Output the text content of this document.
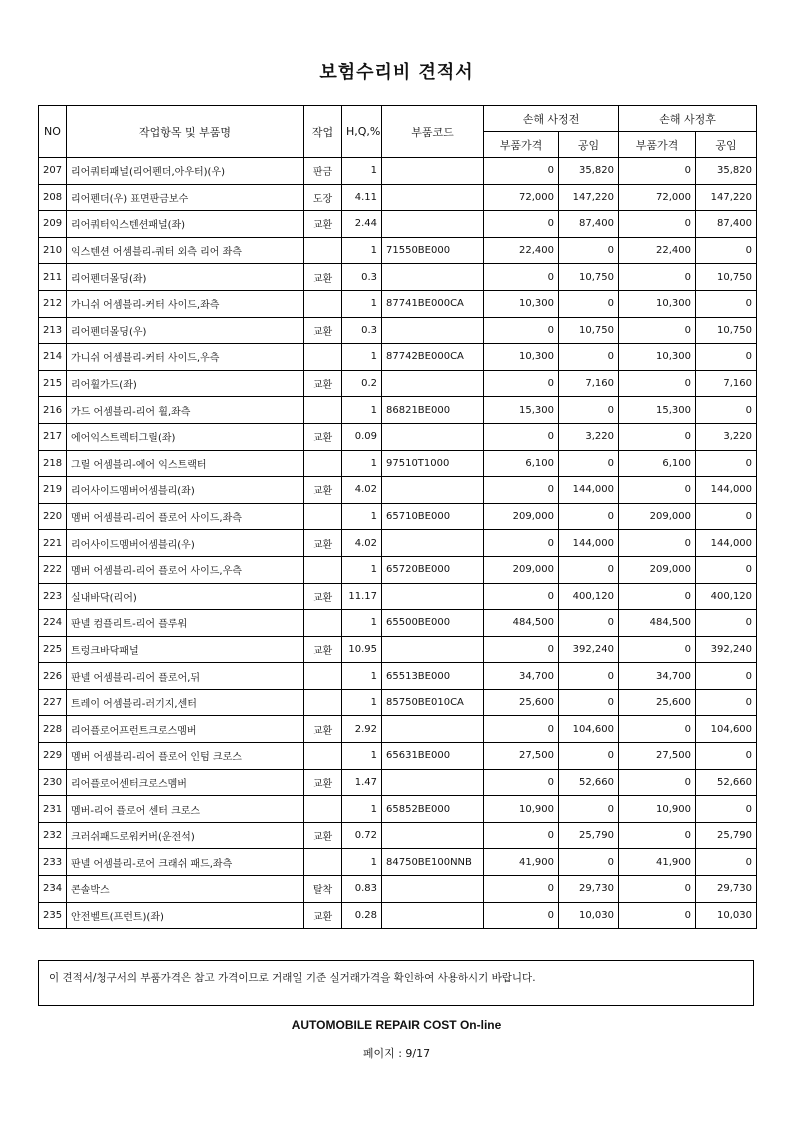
보험수리비 견적서
NO	작업항목 및 부품명	작업	H,Q,%	부품코드	손해 사정전		손해 사정후	
					부품가격	공임	부품가격	공임
207	리어쿼터패널(리어펜더,아우터)(우)	판금	1		0	35,820	0	35,820
208	리어펜더(우) 표면판금보수	도장	4.11		72,000	147,220	72,000	147,220
209	리어쿼터익스텐션패널(좌)	교환	2.44		0	87,400	0	87,400
210	익스텐션 어셈블리-쿼터 외측 리어 좌측		1	71550BE000	22,400	0	22,400	0
211	리어펜더몰딩(좌)	교환	0.3		0	10,750	0	10,750
212	가니쉬 어셈블리-커터 사이드,좌측		1	87741BE000CA	10,300	0	10,300	0
213	리어펜더몰딩(우)	교환	0.3		0	10,750	0	10,750
214	가니쉬 어셈블리-커터 사이드,우측		1	87742BE000CA	10,300	0	10,300	0
215	리어휠가드(좌)	교환	0.2		0	7,160	0	7,160
216	가드 어셈블리-리어 휠,좌측		1	86821BE000	15,300	0	15,300	0
217	에어익스트렉터그릴(좌)	교환	0.09		0	3,220	0	3,220
218	그릴 어셈블리-에어 익스트랙터		1	97510T1000	6,100	0	6,100	0
219	리어사이드멤버어셈블리(좌)	교환	4.02		0	144,000	0	144,000
220	멤버 어셈블리-리어 플로어 사이드,좌측		1	65710BE000	209,000	0	209,000	0
221	리어사이드멤버어셈블리(우)	교환	4.02		0	144,000	0	144,000
222	멤버 어셈블리-리어 플로어 사이드,우측		1	65720BE000	209,000	0	209,000	0
223	실내바닥(리어)	교환	11.17		0	400,120	0	400,120
224	판넬 컴플리트-리어 플루워		1	65500BE000	484,500	0	484,500	0
225	트렁크바닥패널	교환	10.95		0	392,240	0	392,240
226	판넬 어셈블리-리어 플로어,뒤		1	65513BE000	34,700	0	34,700	0
227	트레이 어셈블리-러기지,센터		1	85750BE010CA	25,600	0	25,600	0
228	리어플로어프런트크로스멤버	교환	2.92		0	104,600	0	104,600
229	멤버 어셈블리-리어 플로어 인텀 크로스		1	65631BE000	27,500	0	27,500	0
230	리어플로어센터크로스멤버	교환	1.47		0	52,660	0	52,660
231	멤버-리어 플로어 센터 크로스		1	65852BE000	10,900	0	10,900	0
232	크러쉬패드로워커버(운전석)	교환	0.72		0	25,790	0	25,790
233	판넬 어셈블리-로어 크래쉬 패드,좌측		1	84750BE100NNB	41,900	0	41,900	0
234	콘솔박스	탈착	0.83		0	29,730	0	29,730
235	안전벨트(프런트)(좌)	교환	0.28		0	10,030	0	10,030
이 견적서/청구서의 부품가격은 참고 가격이므로 거래일 기준 실거래가격을 확인하여 사용하시기 바랍니다.
AUTOMOBILE REPAIR COST On-line
페이지 : 9/17
